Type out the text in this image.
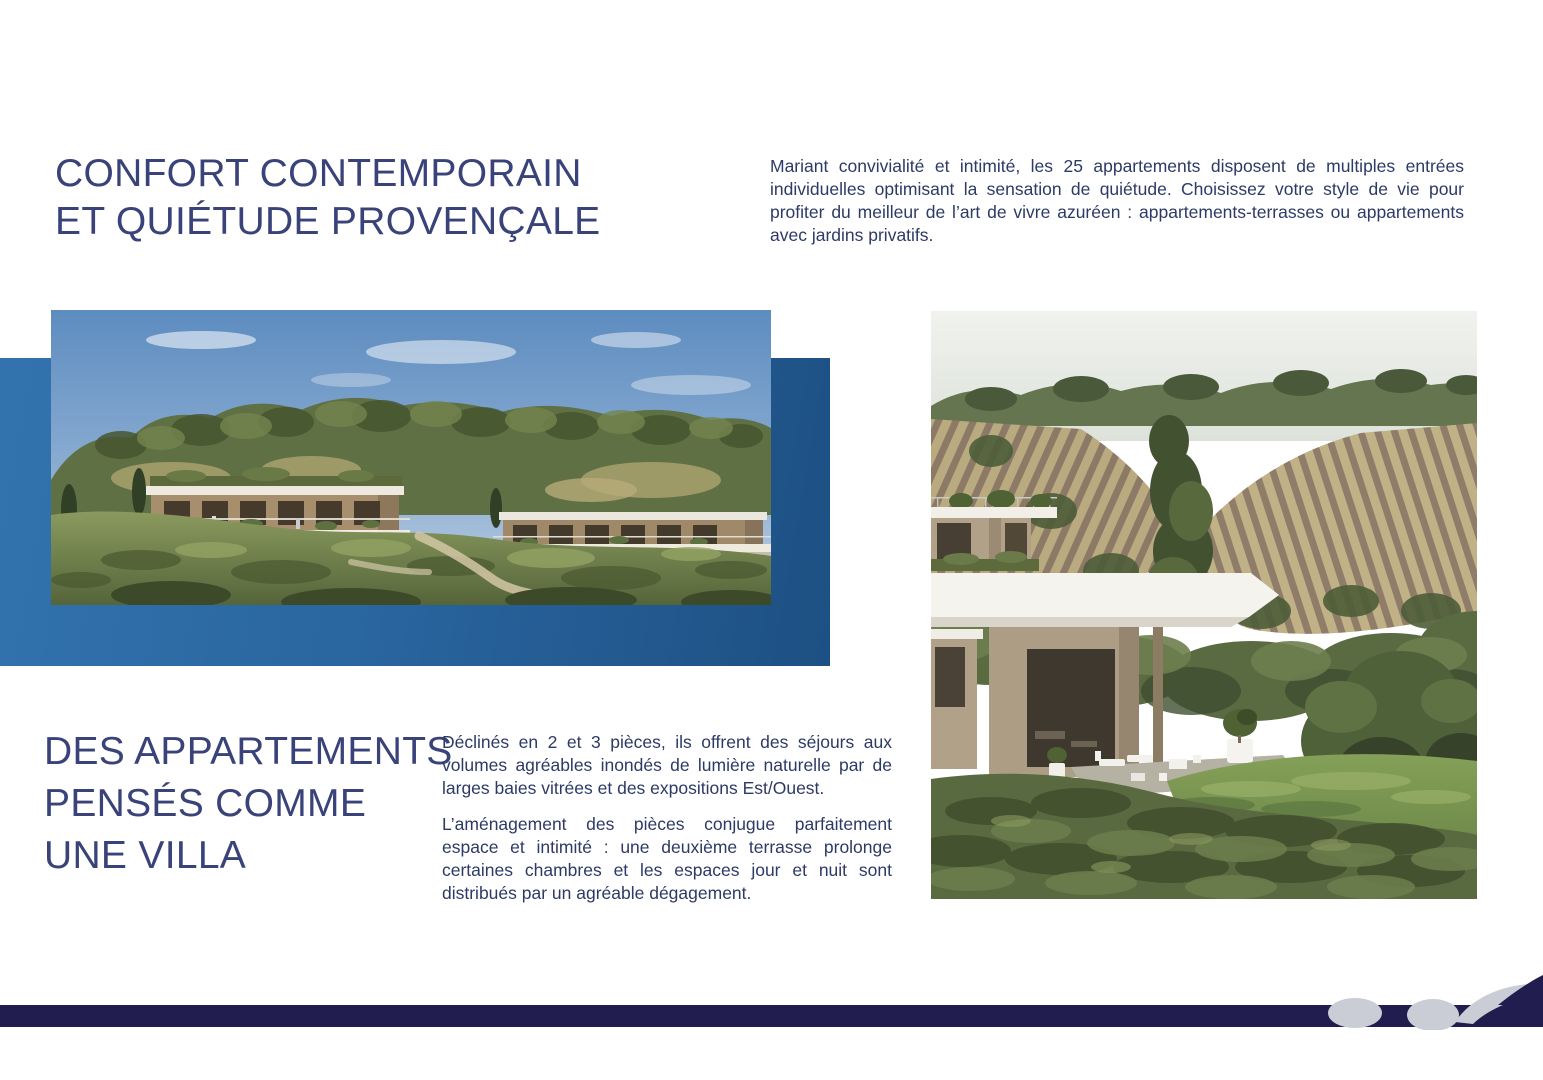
CONFORT CONTEMPORAIN
ET QUIÉTUDE PROVENÇALE
Mariant convivialité et intimité, les 25 appartements disposent de multiples entrées individuelles optimisant la sensation de quiétude. Choisissez votre style de vie pour profiter du meilleur de l’art de vivre azuréen : appartements-terrasses ou appartements avec jardins privatifs.
DES APPARTEMENTS
PENSÉS COMME
UNE VILLA

Déclinés en 2 et 3 pièces, ils offrent des séjours aux volumes agréables inondés de lumière naturelle par de larges baies vitrées et des expositions Est/Ouest.

L’aménagement des pièces conjugue parfaitement espace et intimité : une deuxième terrasse prolonge certaines chambres et les espaces jour et nuit sont distribués par un agréable dégagement.
